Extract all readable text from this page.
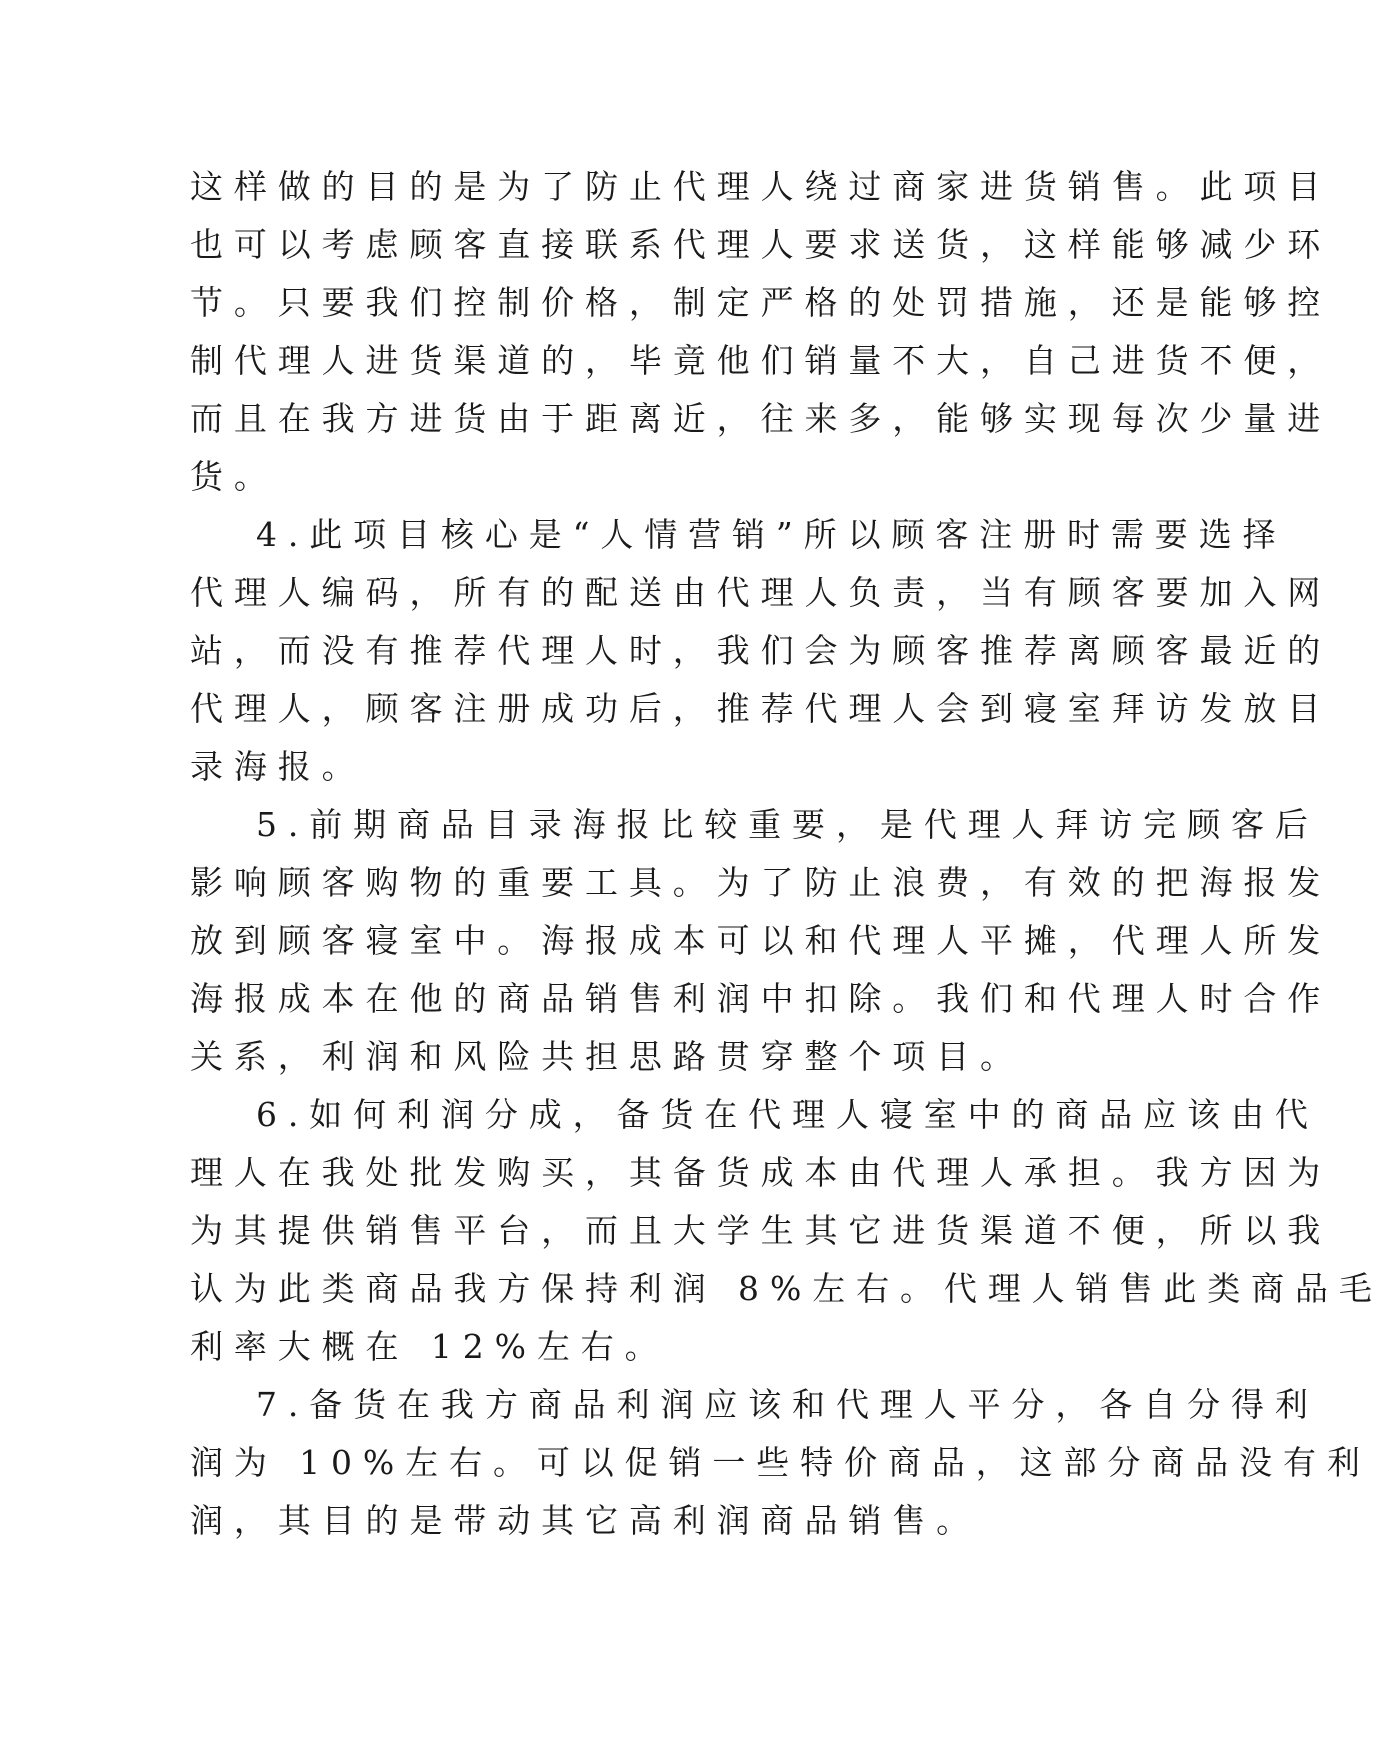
这样做的目的是为了防止代理人绕过商家进货销售。此项目
也可以考虑顾客直接联系代理人要求送货，这样能够减少环
节。只要我们控制价格，制定严格的处罚措施，还是能够控
制代理人进货渠道的，毕竟他们销量不大，自己进货不便，
而且在我方进货由于距离近，往来多，能够实现每次少量进
货。
4.此项目核心是“人情营销”所以顾客注册时需要选择
代理人编码，所有的配送由代理人负责，当有顾客要加入网
站，而没有推荐代理人时，我们会为顾客推荐离顾客最近的
代理人，顾客注册成功后，推荐代理人会到寝室拜访发放目
录海报。
5.前期商品目录海报比较重要，是代理人拜访完顾客后
影响顾客购物的重要工具。为了防止浪费，有效的把海报发
放到顾客寝室中。海报成本可以和代理人平摊，代理人所发
海报成本在他的商品销售利润中扣除。我们和代理人时合作
关系，利润和风险共担思路贯穿整个项目。
6.如何利润分成，备货在代理人寝室中的商品应该由代
理人在我处批发购买，其备货成本由代理人承担。我方因为
为其提供销售平台，而且大学生其它进货渠道不便，所以我
认为此类商品我方保持利润 8%左右。代理人销售此类商品毛
利率大概在 12%左右。
7.备货在我方商品利润应该和代理人平分，各自分得利
润为 10%左右。可以促销一些特价商品，这部分商品没有利
润，其目的是带动其它高利润商品销售。
